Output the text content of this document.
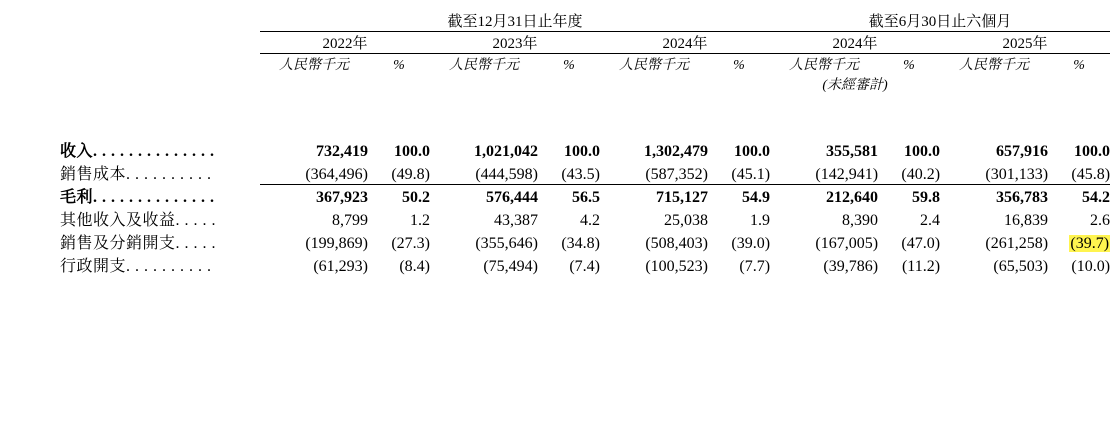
	截至12月31日止年度						截至6月30日止六個月			
	2022年		2023年		2024年		2024年		2025年	
	人民幣千元	%	人民幣千元	%	人民幣千元	%	人民幣千元	%	人民幣千元	%
							(未經審計)			

收入. . . . . . . . . . . . . .	732,419	100.0	1,021,042	100.0	1,302,479	100.0	355,581	100.0	657,916	100.0
銷售成本. . . . . . . . . .	(364,496)	(49.8)	(444,598)	(43.5)	(587,352)	(45.1)	(142,941)	(40.2)	(301,133)	(45.8)
毛利. . . . . . . . . . . . . .	367,923	50.2	576,444	56.5	715,127	54.9	212,640	59.8	356,783	54.2
其他收入及收益. . . . .	8,799	1.2	43,387	4.2	25,038	1.9	8,390	2.4	16,839	2.6
銷售及分銷開支. . . . .	(199,869)	(27.3)	(355,646)	(34.8)	(508,403)	(39.0)	(167,005)	(47.0)	(261,258)	(39.7)
行政開支. . . . . . . . . .	(61,293)	(8.4)	(75,494)	(7.4)	(100,523)	(7.7)	(39,786)	(11.2)	(65,503)	(10.0)
